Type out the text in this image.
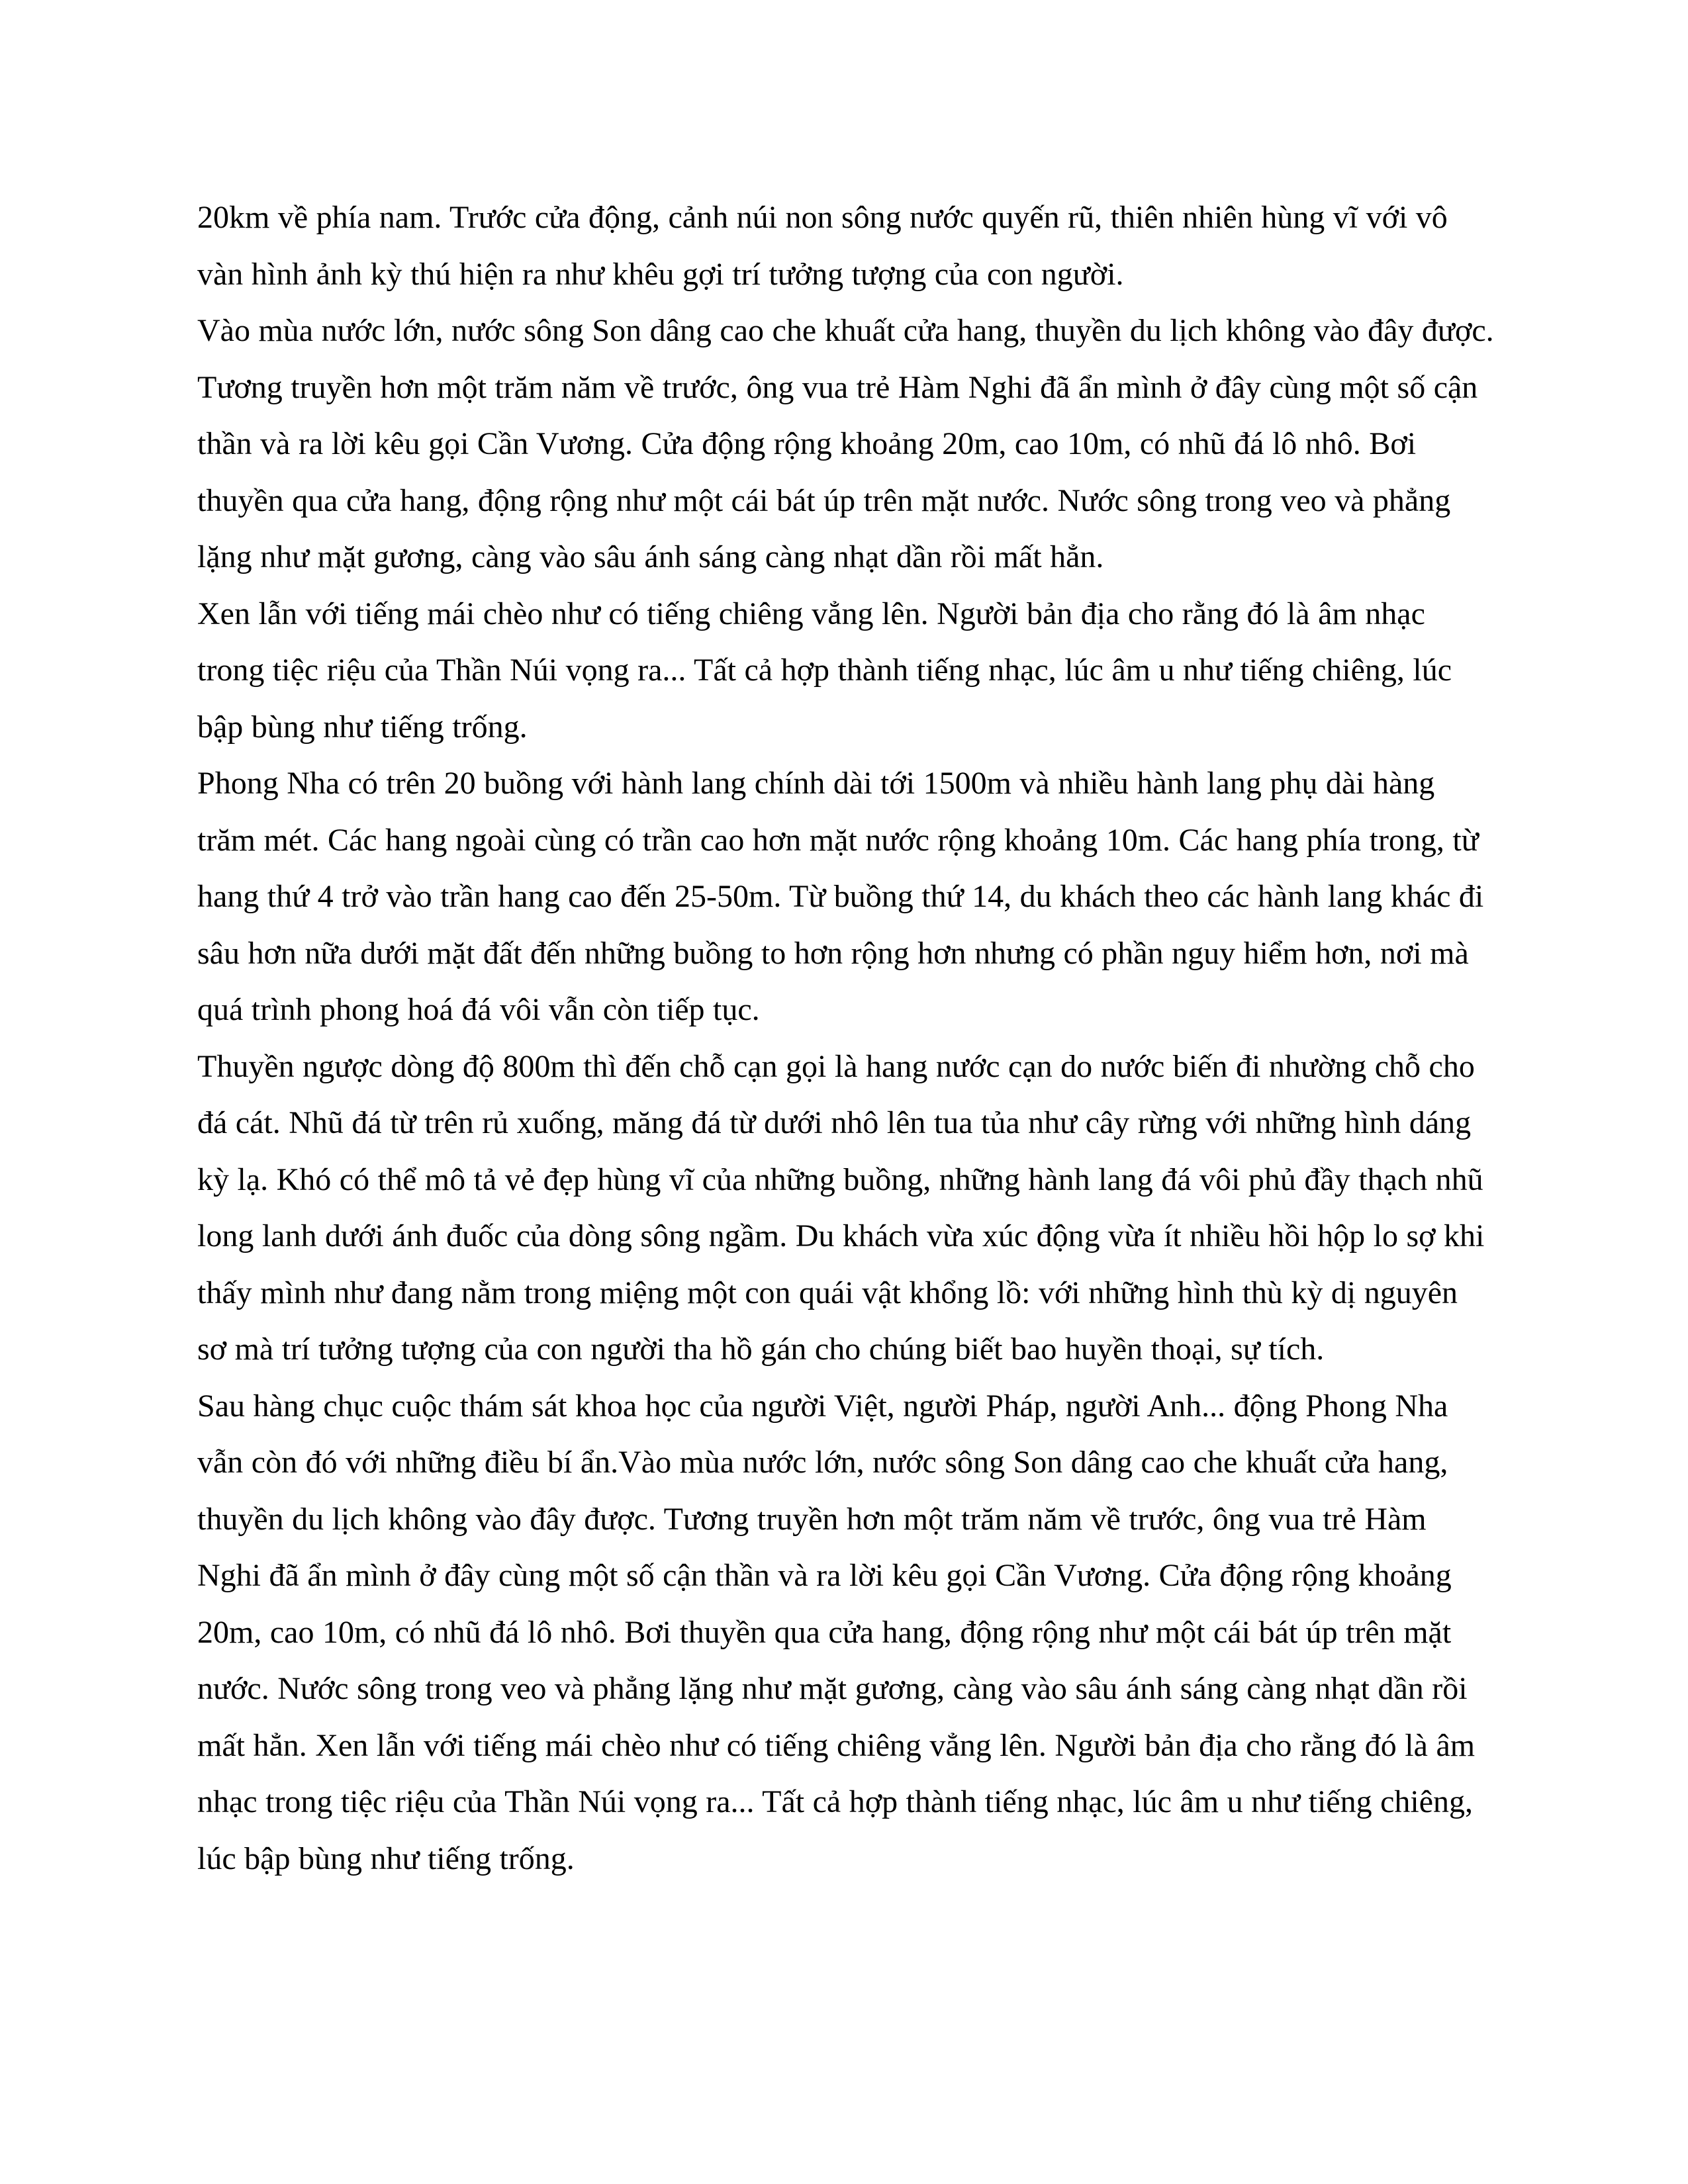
20km về phía nam. Trước cửa động, cảnh núi non sông nước quyến rũ, thiên nhiên hùng vĩ với vô vàn hình ảnh kỳ thú hiện ra như khêu gợi trí tưởng tượng của con người.

Vào mùa nước lớn, nước sông Son dâng cao che khuất cửa hang, thuyền du lịch không vào đây được. Tương truyền hơn một trăm năm về trước, ông vua trẻ Hàm Nghi đã ẩn mình ở đây cùng một số cận thần và ra lời kêu gọi Cần Vương. Cửa động rộng khoảng 20m, cao 10m, có nhũ đá lô nhô. Bơi thuyền qua cửa hang, động rộng như một cái bát úp trên mặt nước. Nước sông trong veo và phẳng lặng như mặt gương, càng vào sâu ánh sáng càng nhạt dần rồi mất hẳn.

Xen lẫn với tiếng mái chèo như có tiếng chiêng vẳng lên. Người bản địa cho rằng đó là âm nhạc trong tiệc riệu của Thần Núi vọng ra... Tất cả hợp thành tiếng nhạc, lúc âm u như tiếng chiêng, lúc bập bùng như tiếng trống.

Phong Nha có trên 20 buồng với hành lang chính dài tới 1500m và nhiều hành lang phụ dài hàng trăm mét. Các hang ngoài cùng có trần cao hơn mặt nước rộng khoảng 10m. Các hang phía trong, từ hang thứ 4 trở vào trần hang cao đến 25-50m. Từ buồng thứ 14, du khách theo các hành lang khác đi sâu hơn nữa dưới mặt đất đến những buồng to hơn rộng hơn nhưng có phần nguy hiểm hơn, nơi mà quá trình phong hoá đá vôi vẫn còn tiếp tục.

Thuyền ngược dòng độ 800m thì đến chỗ cạn gọi là hang nước cạn do nước biến đi nhường chỗ cho đá cát. Nhũ đá từ trên rủ xuống, măng đá từ dưới nhô lên tua tủa như cây rừng với những hình dáng kỳ lạ. Khó có thể mô tả vẻ đẹp hùng vĩ của những buồng, những hành lang đá vôi phủ đầy thạch nhũ long lanh dưới ánh đuốc của dòng sông ngầm. Du khách vừa xúc động vừa ít nhiều hồi hộp lo sợ khi thấy mình như đang nằm trong miệng một con quái vật khổng lồ: với những hình thù kỳ dị nguyên sơ mà trí tưởng tượng của con người tha hồ gán cho chúng biết bao huyền thoại, sự tích.

Sau hàng chục cuộc thám sát khoa học của người Việt, người Pháp, người Anh... động Phong Nha vẫn còn đó với những điều bí ẩn.Vào mùa nước lớn, nước sông Son dâng cao che khuất cửa hang, thuyền du lịch không vào đây được. Tương truyền hơn một trăm năm về trước, ông vua trẻ Hàm Nghi đã ẩn mình ở đây cùng một số cận thần và ra lời kêu gọi Cần Vương. Cửa động rộng khoảng 20m, cao 10m, có nhũ đá lô nhô. Bơi thuyền qua cửa hang, động rộng như một cái bát úp trên mặt nước. Nước sông trong veo và phẳng lặng như mặt gương, càng vào sâu ánh sáng càng nhạt dần rồi mất hẳn. Xen lẫn với tiếng mái chèo như có tiếng chiêng vẳng lên. Người bản địa cho rằng đó là âm nhạc trong tiệc riệu của Thần Núi vọng ra... Tất cả hợp thành tiếng nhạc, lúc âm u như tiếng chiêng, lúc bập bùng như tiếng trống.
